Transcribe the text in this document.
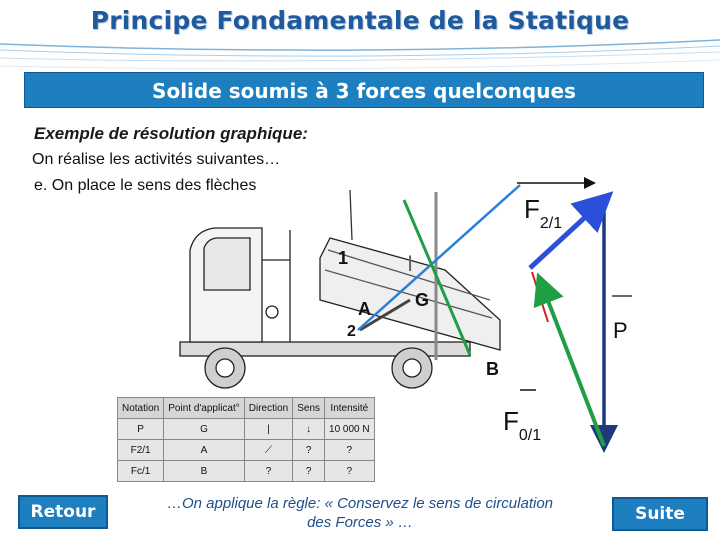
Principe Fondamentale de la Statique
Solide soumis à 3 forces quelconques
Exemple de résolution graphique:
On réalise les activités suivantes…
e. On place le sens des flèches
1
2
A G
B
I
$F_{2/1}$
$F_{0/1}$
P
Notation	Point d'applicat°	Direction	Sens	Intensité
P	G	|	↓	10 000 N
F2/1	A	⟋	?	?
Fc/1	B	?	?	?
Retour	…On applique la règle: « Conservez le sens de circulation
des Forces » …	Suite
